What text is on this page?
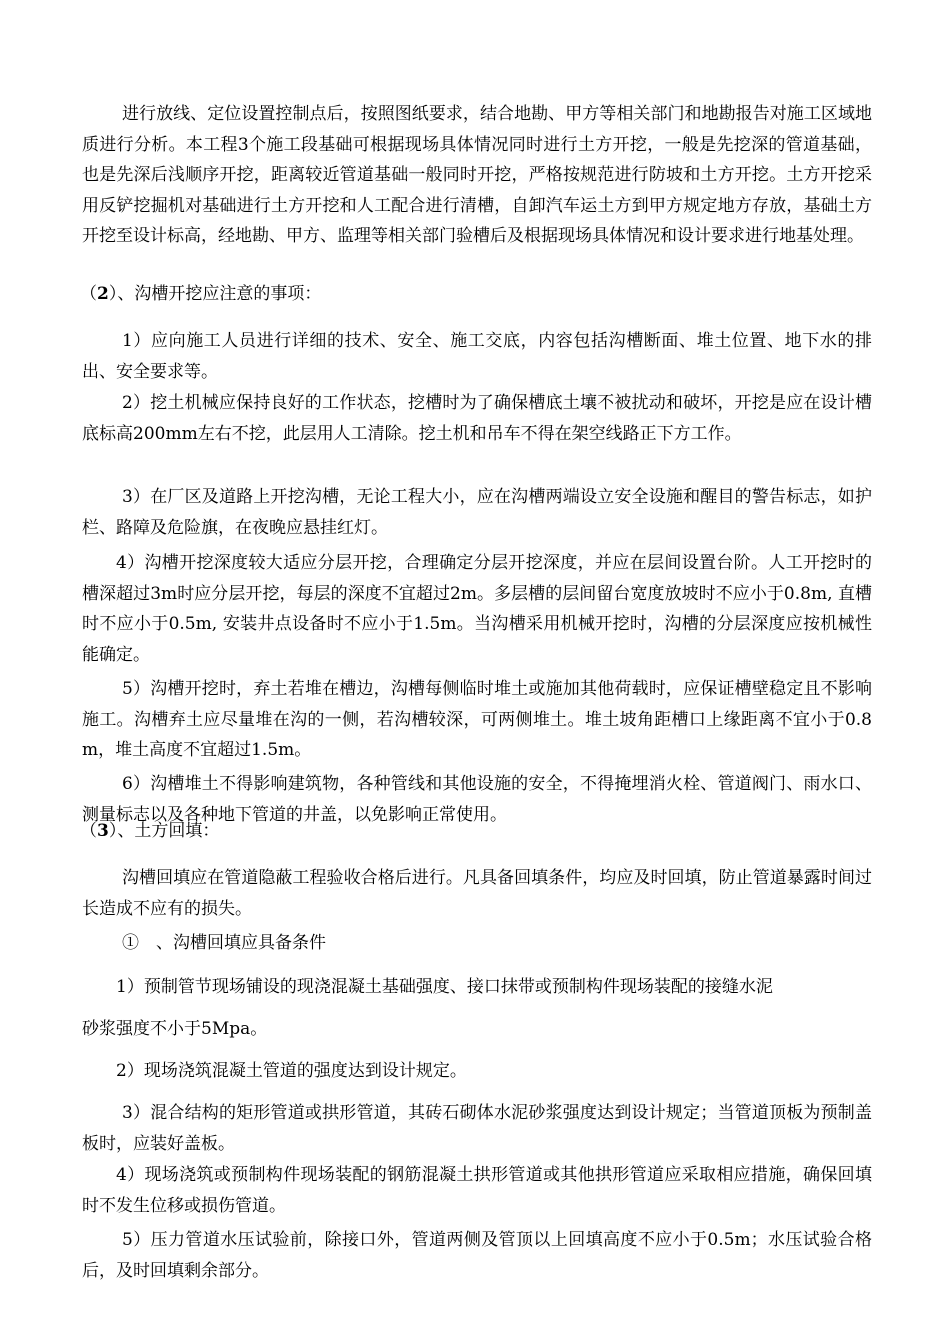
进行放线、定位设置控制点后，按照图纸要求，结合地勘、甲方等相关部门和地勘报告对施工区域地质进行分析。本工程3个施工段基础可根据现场具体情况同时进行土方开挖，一般是先挖深的管道基础，也是先深后浅顺序开挖，距离较近管道基础一般同时开挖，严格按规范进行防坡和土方开挖。土方开挖采用反铲挖掘机对基础进行土方开挖和人工配合进行清槽，自卸汽车运土方到甲方规定地方存放，基础土方开挖至设计标高，经地勘、甲方、监理等相关部门验槽后及根据现场具体情况和设计要求进行地基处理。

（2）、沟槽开挖应注意的事项：

1）应向施工人员进行详细的技术、安全、施工交底，内容包括沟槽断面、堆土位置、地下水的排出、安全要求等。

2）挖土机械应保持良好的工作状态，挖槽时为了确保槽底土壤不被扰动和破坏，开挖是应在设计槽底标高200mm左右不挖，此层用人工清除。挖土机和吊车不得在架空线路正下方工作。

3）在厂区及道路上开挖沟槽，无论工程大小，应在沟槽两端设立安全设施和醒目的警告标志，如护栏、路障及危险旗，在夜晚应悬挂红灯。

4）沟槽开挖深度较大适应分层开挖，合理确定分层开挖深度，并应在层间设置台阶。人工开挖时的槽深超过3m时应分层开挖，每层的深度不宜超过2m。多层槽的层间留台宽度放坡时不应小于0.8m, 直槽时不应小于0.5m, 安装井点设备时不应小于1.5m。当沟槽采用机械开挖时，沟槽的分层深度应按机械性能确定。

5）沟槽开挖时，弃土若堆在槽边，沟槽每侧临时堆土或施加其他荷载时，应保证槽壁稳定且不影响施工。沟槽弃土应尽量堆在沟的一侧，若沟槽较深，可两侧堆土。堆土坡角距槽口上缘距离不宜小于0.8m，堆土高度不宜超过1.5m。

6）沟槽堆土不得影响建筑物，各种管线和其他设施的安全，不得掩埋消火栓、管道阀门、雨水口、测量标志以及各种地下管道的井盖，以免影响正常使用。

（3）、土方回填：

沟槽回填应在管道隐蔽工程验收合格后进行。凡具备回填条件，均应及时回填，防止管道暴露时间过长造成不应有的损失。

①　、沟槽回填应具备条件

1）预制管节现场铺设的现浇混凝土基础强度、接口抹带或预制构件现场装配的接缝水泥

砂浆强度不小于5Mpa。

2）现场浇筑混凝土管道的强度达到设计规定。

3）混合结构的矩形管道或拱形管道，其砖石砌体水泥砂浆强度达到设计规定；当管道顶板为预制盖板时，应装好盖板。

4）现场浇筑或预制构件现场装配的钢筋混凝土拱形管道或其他拱形管道应采取相应措施，确保回填时不发生位移或损伤管道。

5）压力管道水压试验前，除接口外，管道两侧及管顶以上回填高度不应小于0.5m；水压试验合格后，及时回填剩余部分。
